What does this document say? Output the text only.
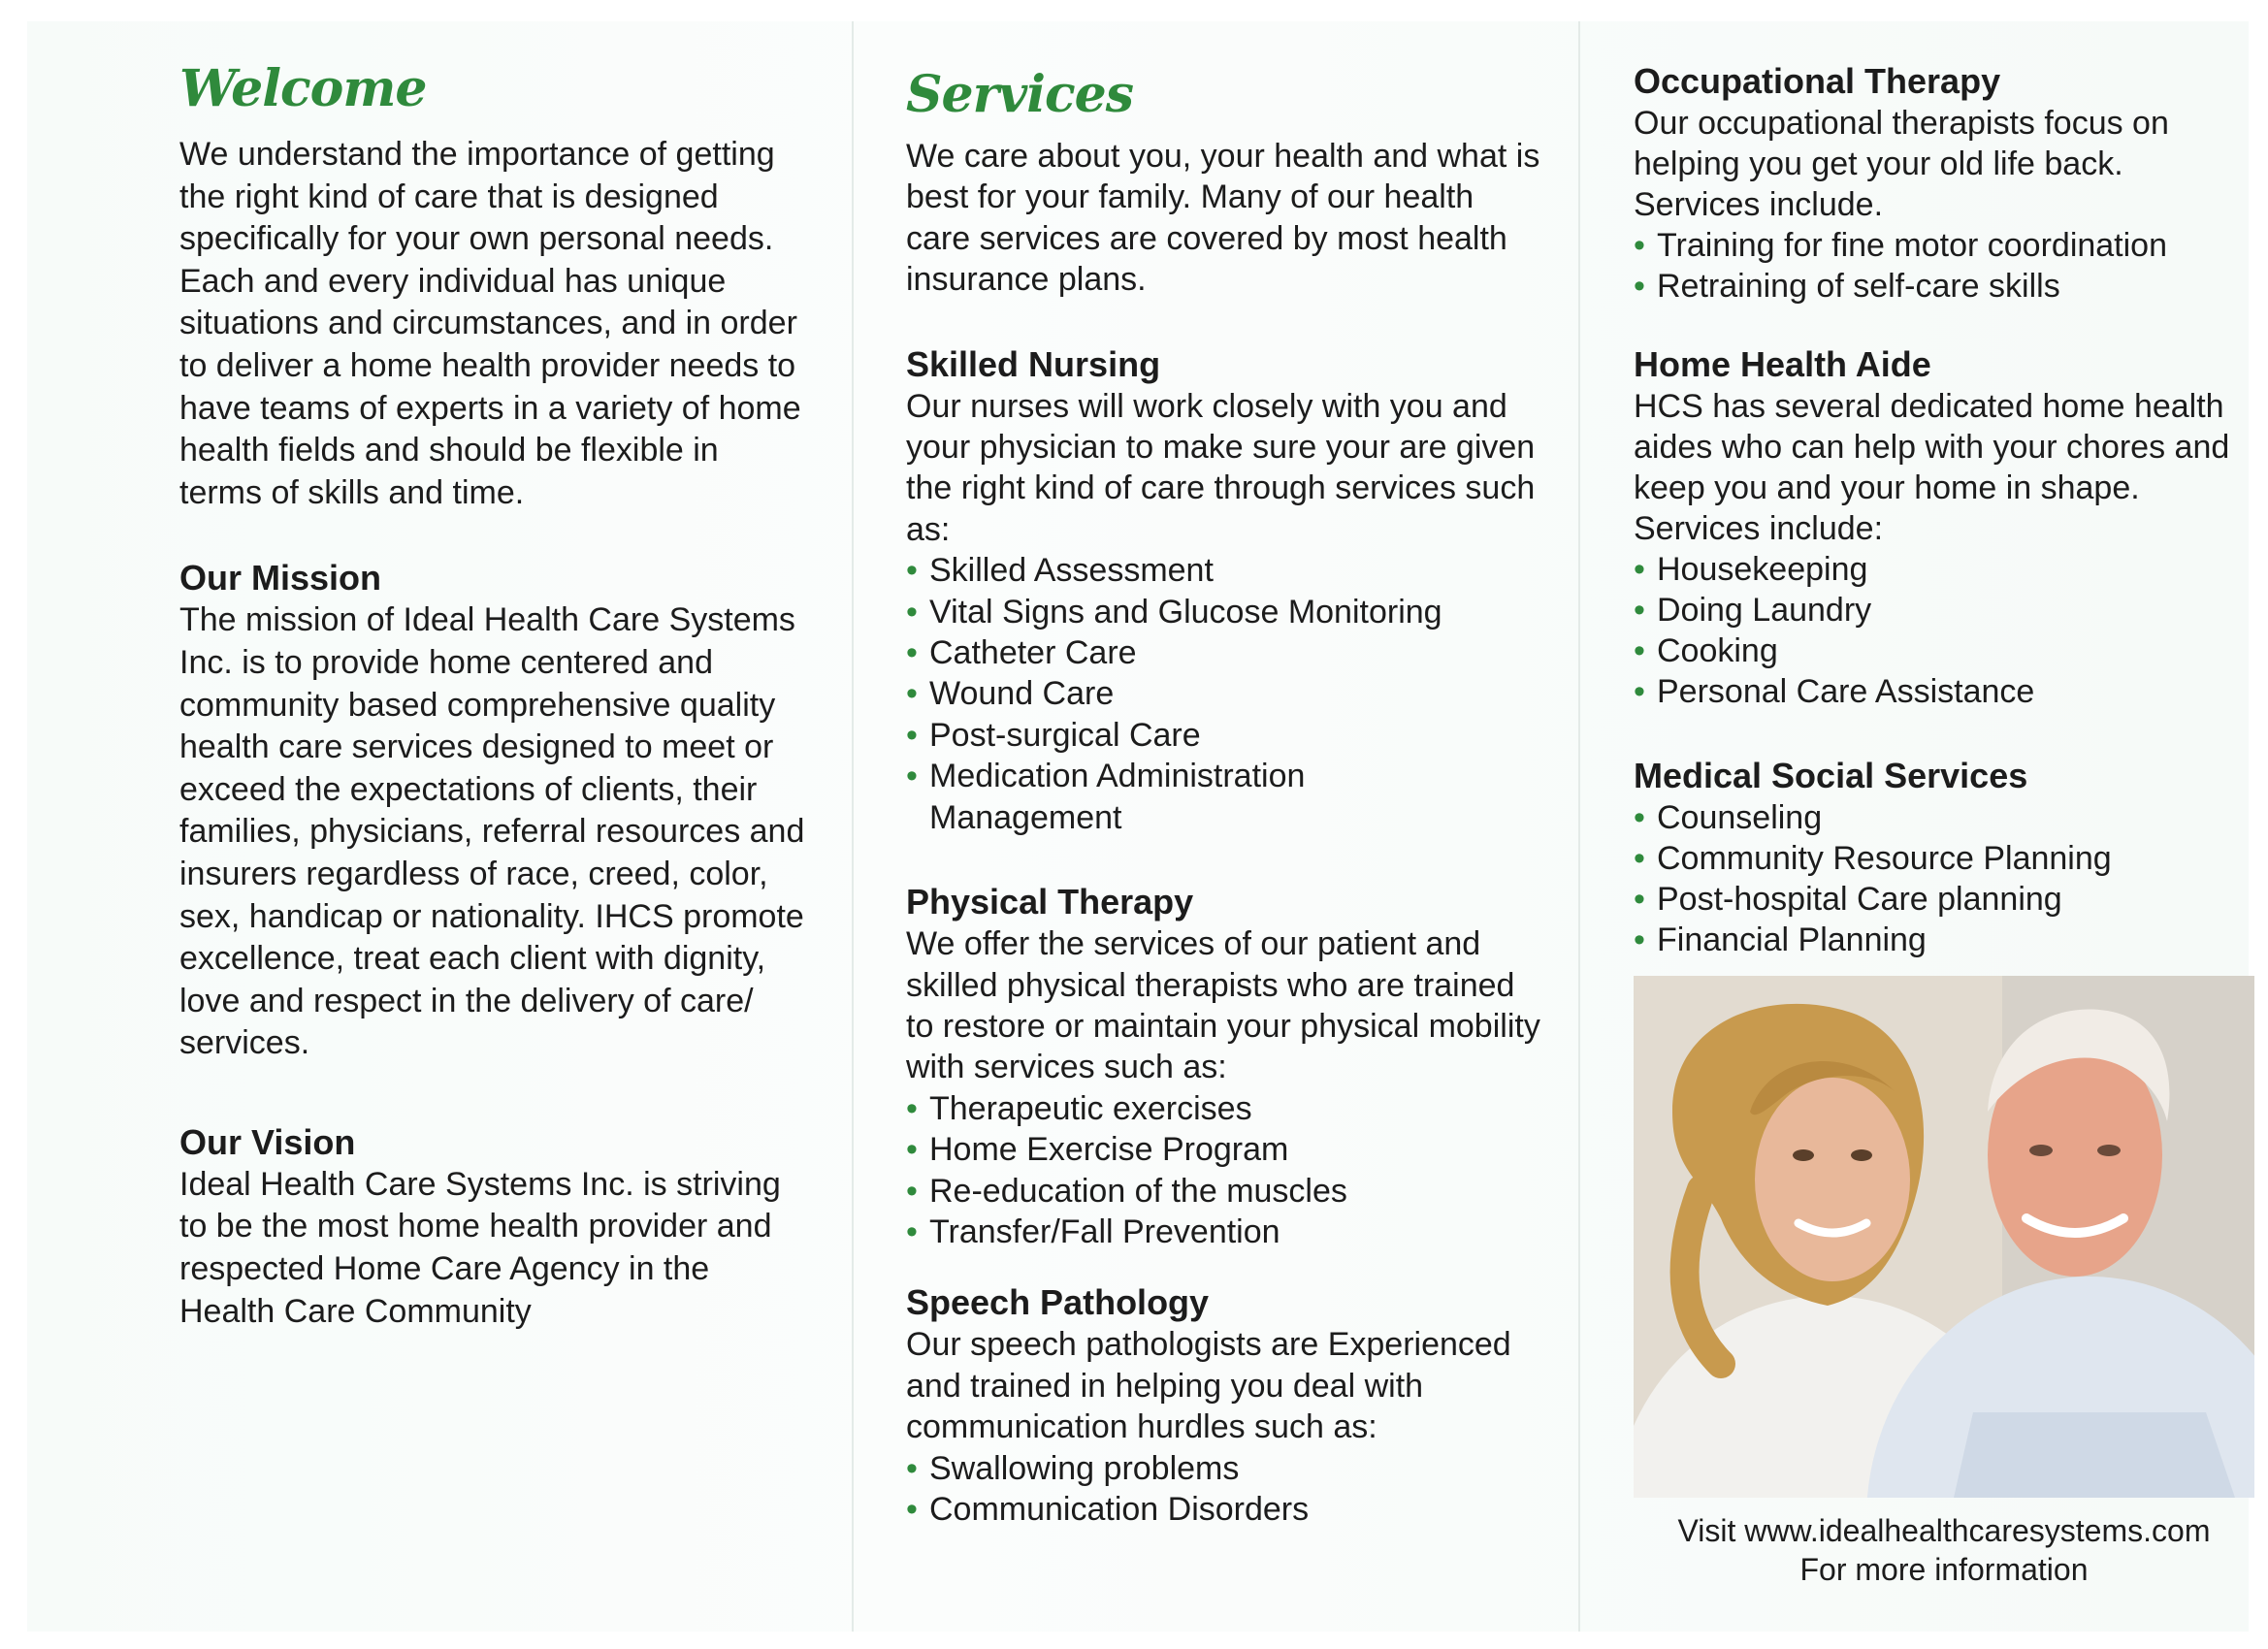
Welcome

We understand the importance of getting the right kind of care that is designed specifically for your own personal needs. Each and every individual has unique situations and circumstances, and in order to deliver a home health provider needs to have teams of experts in a variety of home health fields and should be flexible in terms of skills and time.

Our Mission

The mission of Ideal Health Care Systems Inc. is to provide home centered and community based comprehensive quality health care services designed to meet or exceed the expectations of clients, their families, physicians, referral resources and insurers regardless of race, creed, color, sex, handicap or nationality. IHCS promote excellence, treat each client with dignity, love and respect in the delivery of care/ services.

Our Vision

Ideal Health Care Systems Inc. is striving to be the most home health provider and respected Home Care Agency in the Health Care Community

Services

We care about you, your health and what is best for your family. Many of our health care services are covered by most health insurance plans.

Skilled Nursing

Our nurses will work closely with you and your physician to make sure your are given the right kind of care through services such as:

• Skilled Assessment
• Vital Signs and Glucose Monitoring
• Catheter Care
• Wound Care
• Post-surgical Care
• Medication Administration Management
Physical Therapy

We offer the services of our patient and skilled physical therapists who are trained to restore or maintain your physical mobility with services such as:

• Therapeutic exercises
• Home Exercise Program
• Re-education of the muscles
• Transfer/Fall Prevention
Speech Pathology

Our speech pathologists are Experienced and trained in helping you deal with communication hurdles such as:

• Swallowing problems
• Communication Disorders
Occupational Therapy

Our occupational therapists focus on helping you get your old life back. Services include.

• Training for fine motor coordination
• Retraining of self-care skills
Home Health Aide

HCS has several dedicated home health aides who can help with your chores and keep you and your home in shape.

Services include:

• Housekeeping
• Doing Laundry
• Cooking
• Personal Care Assistance
Medical Social Services
• Counseling
• Community Resource Planning
• Post-hospital Care planning
• Financial Planning
Visit www.idealhealthcaresystems.com
For more information
